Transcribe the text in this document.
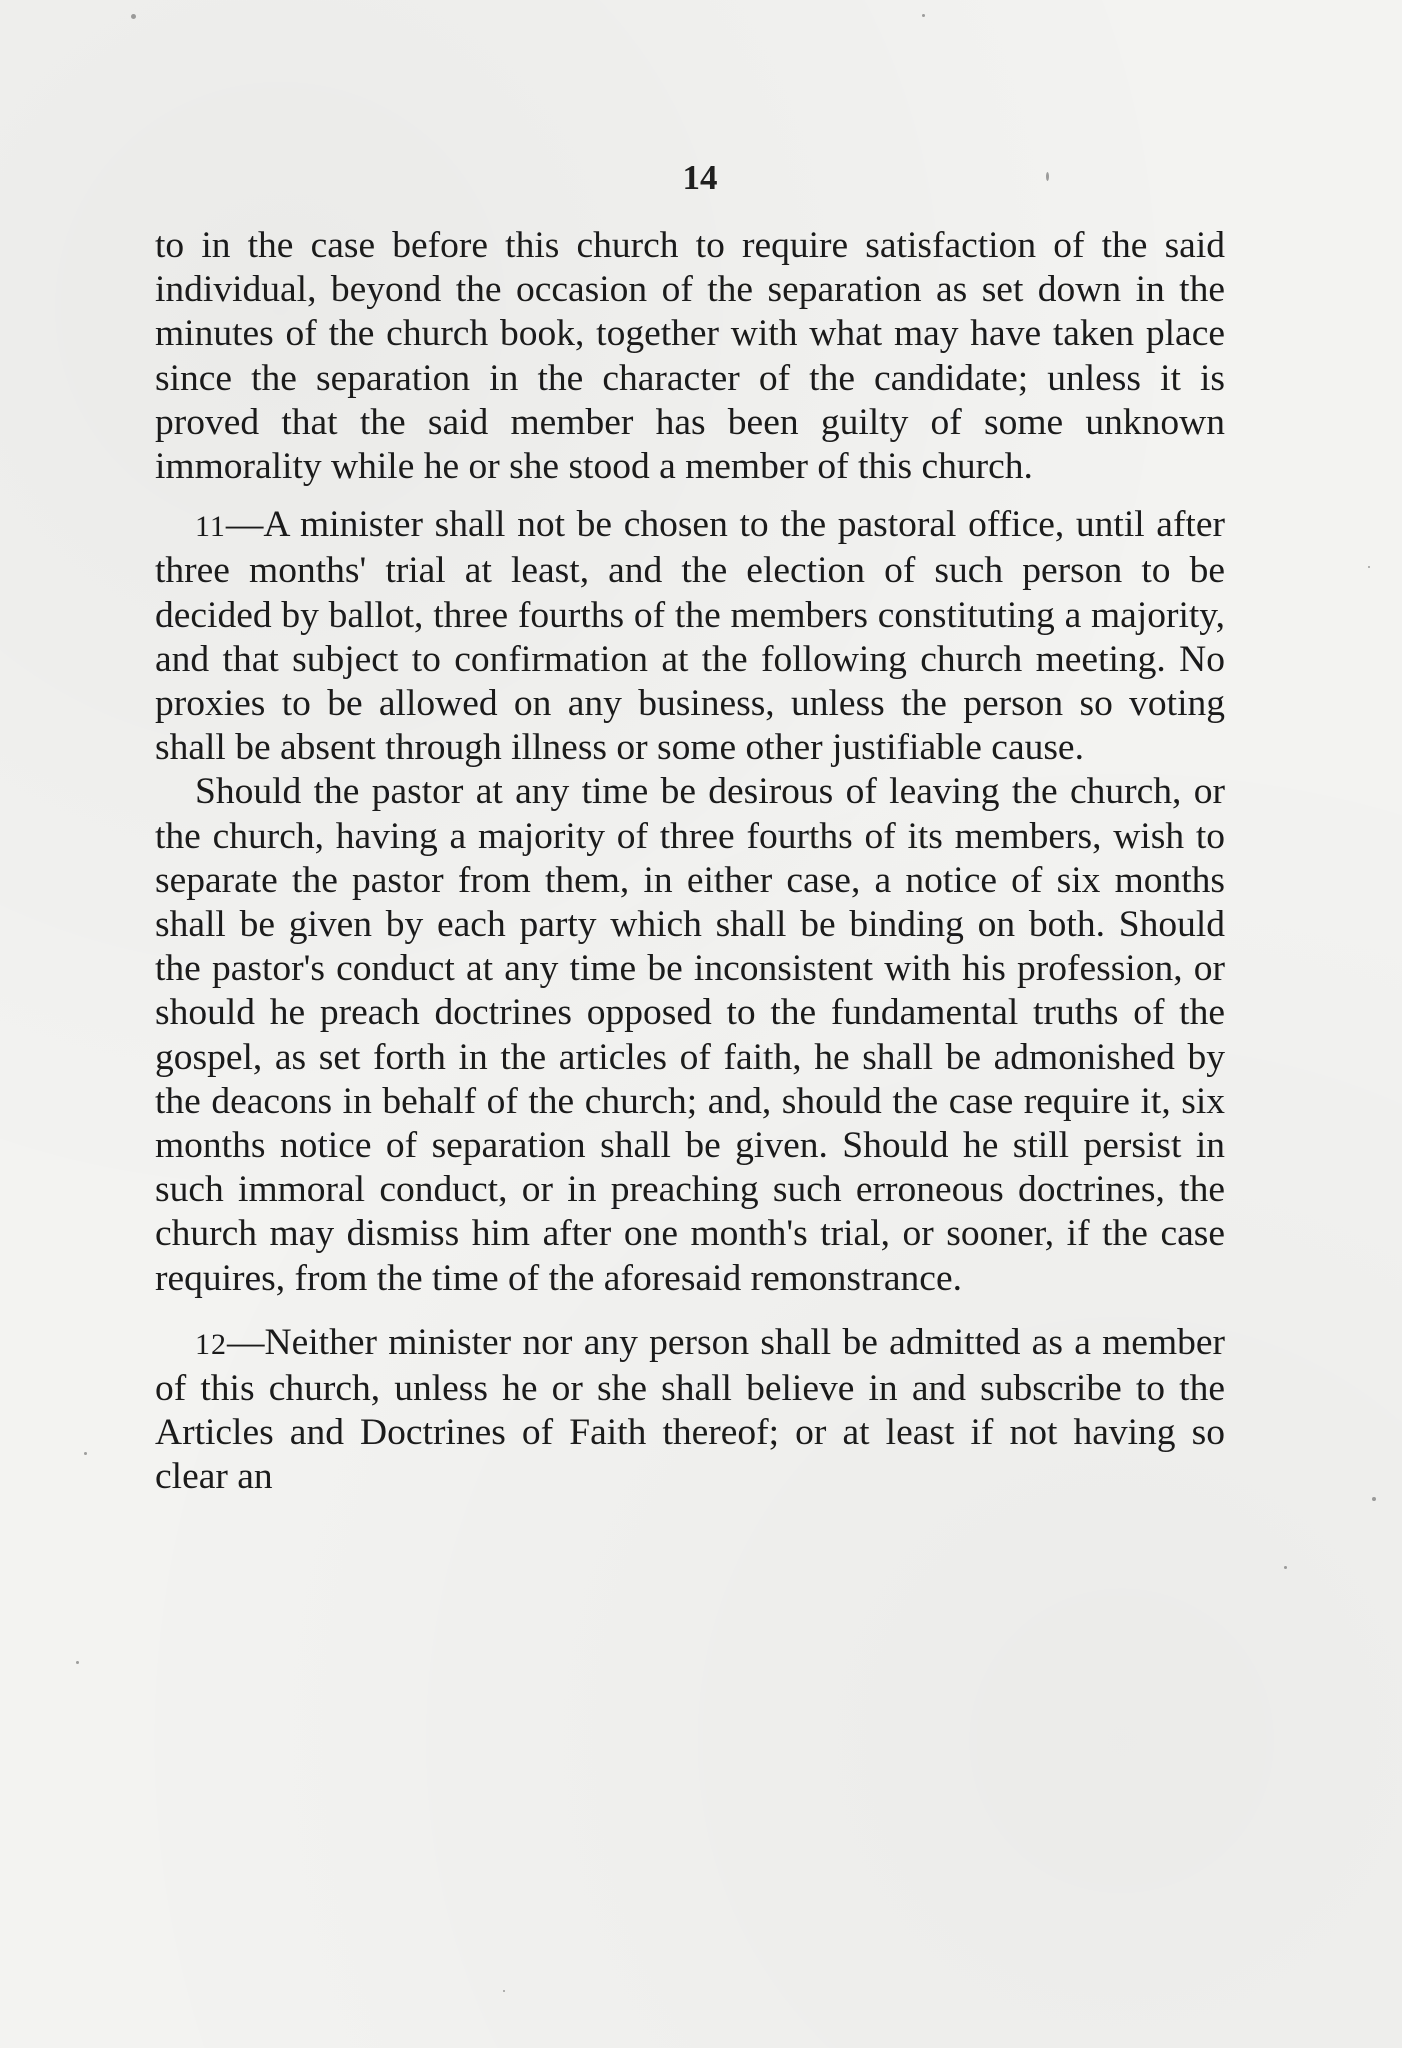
14

to in the case before this church to require satisfaction of the said individual, beyond the occasion of the separation as set down in the minutes of the church book, together with what may have taken place since the separation in the character of the candidate; unless it is proved that the said member has been guilty of some unknown immorality while he or she stood a member of this church.

11—A minister shall not be chosen to the pastoral office, until after three months' trial at least, and the election of such person to be decided by ballot, three fourths of the members constituting a majority, and that subject to confirmation at the following church meeting. No proxies to be allowed on any business, unless the person so voting shall be absent through illness or some other justifiable cause.

Should the pastor at any time be desirous of leaving the church, or the church, having a majority of three fourths of its members, wish to separate the pastor from them, in either case, a notice of six months shall be given by each party which shall be binding on both. Should the pastor's conduct at any time be inconsistent with his profession, or should he preach doctrines opposed to the fundamental truths of the gospel, as set forth in the articles of faith, he shall be admonished by the deacons in behalf of the church; and, should the case require it, six months notice of separation shall be given. Should he still persist in such immoral conduct, or in preaching such erroneous doctrines, the church may dismiss him after one month's trial, or sooner, if the case requires, from the time of the aforesaid remonstrance.

12—Neither minister nor any person shall be admitted as a member of this church, unless he or she shall believe in and subscribe to the Articles and Doctrines of Faith thereof; or at least if not having so clear an
